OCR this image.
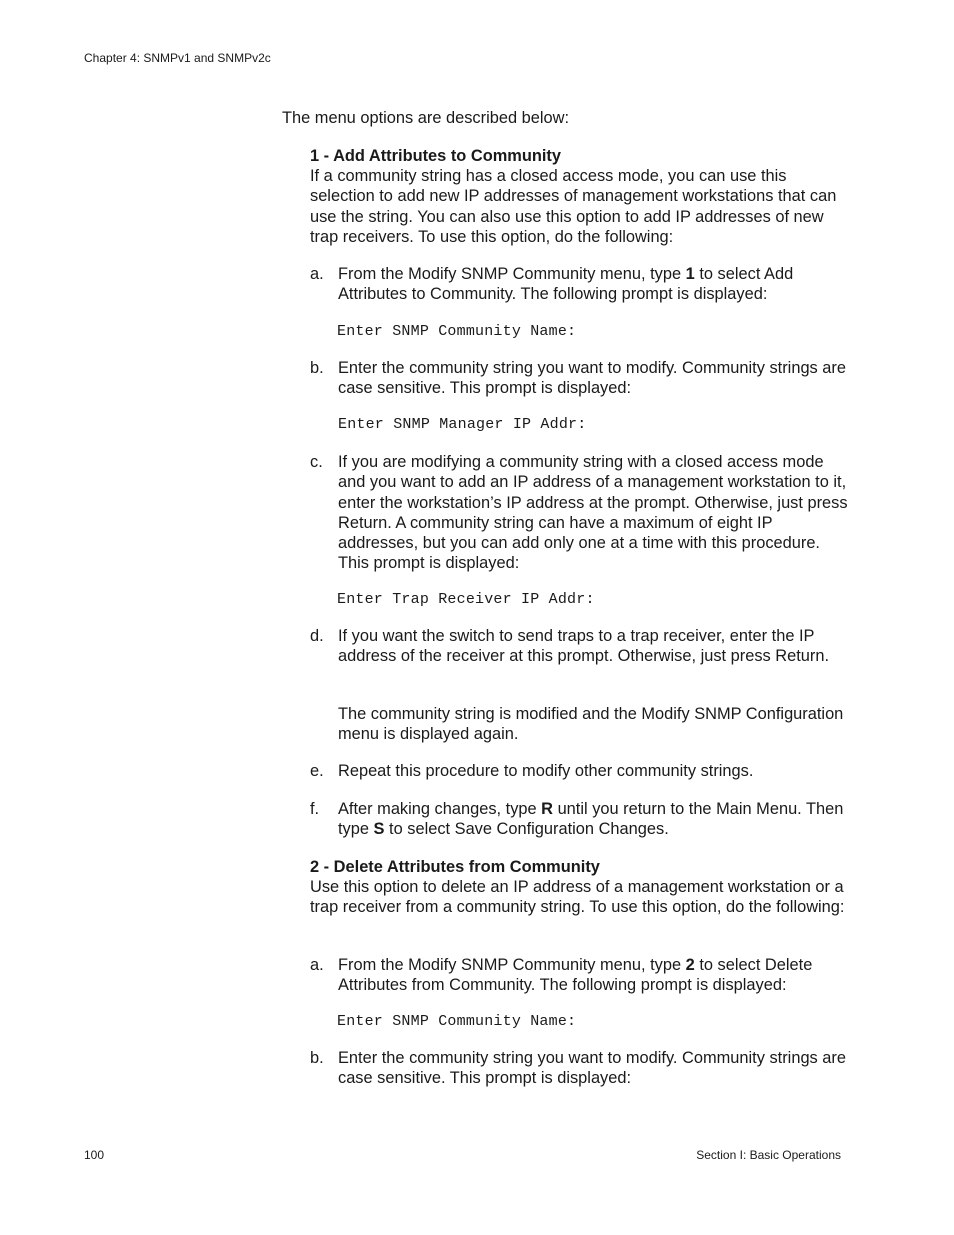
Chapter 4: SNMPv1 and SNMPv2c
The menu options are described below:
1 - Add Attributes to Community
If a community string has a closed access mode, you can use this selection to add new IP addresses of management workstations that can use the string. You can also use this option to add IP addresses of new trap receivers. To use this option, do the following:
a. From the Modify SNMP Community menu, type 1 to select Add Attributes to Community. The following prompt is displayed:
Enter SNMP Community Name:
b. Enter the community string you want to modify. Community strings are case sensitive. This prompt is displayed:
Enter SNMP Manager IP Addr:
c. If you are modifying a community string with a closed access mode and you want to add an IP address of a management workstation to it, enter the workstation’s IP address at the prompt. Otherwise, just press Return. A community string can have a maximum of eight IP addresses, but you can add only one at a time with this procedure. This prompt is displayed:
Enter Trap Receiver IP Addr:
d. If you want the switch to send traps to a trap receiver, enter the IP address of the receiver at this prompt. Otherwise, just press Return.
The community string is modified and the Modify SNMP Configuration menu is displayed again.
e. Repeat this procedure to modify other community strings.
f. After making changes, type R until you return to the Main Menu. Then type S to select Save Configuration Changes.
2 - Delete Attributes from Community
Use this option to delete an IP address of a management workstation or a trap receiver from a community string. To use this option, do the following:
a. From the Modify SNMP Community menu, type 2 to select Delete Attributes from Community. The following prompt is displayed:
Enter SNMP Community Name:
b. Enter the community string you want to modify. Community strings are case sensitive. This prompt is displayed:
100	Section I: Basic Operations
